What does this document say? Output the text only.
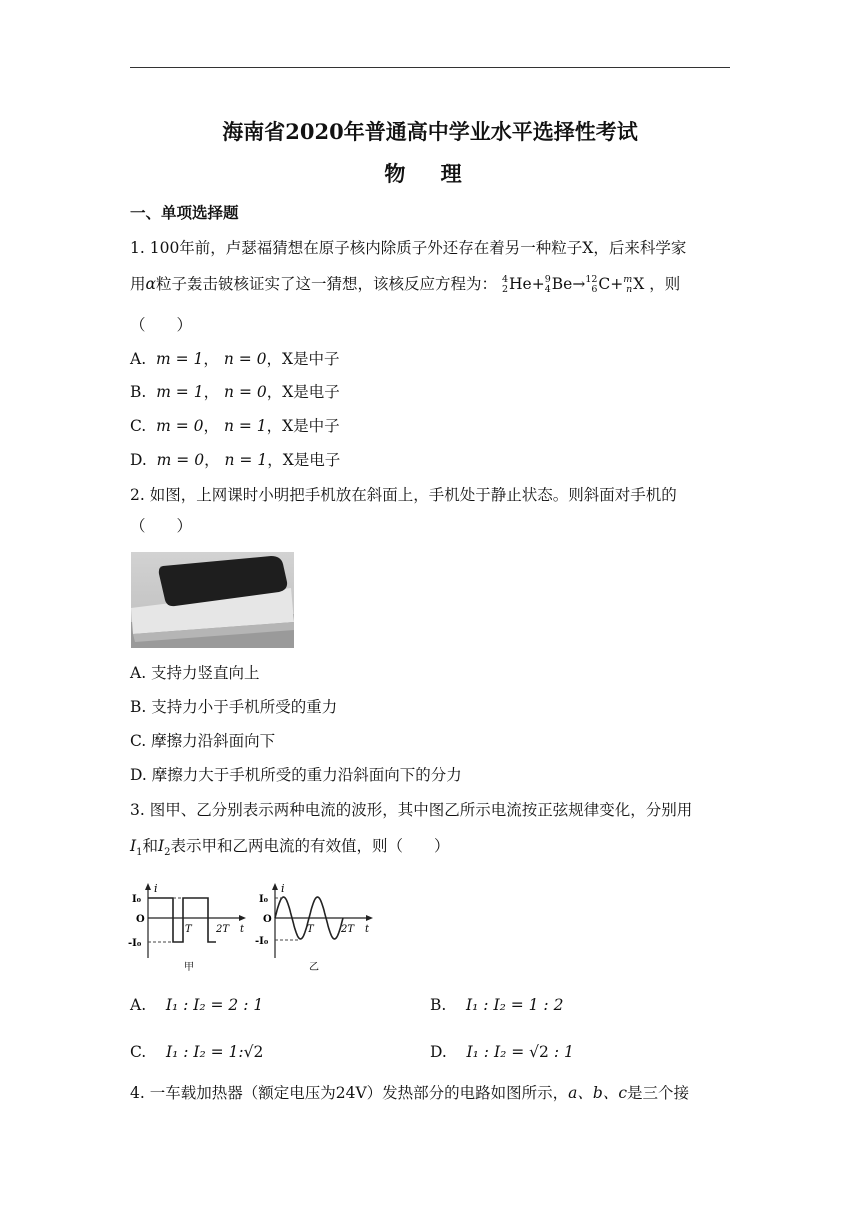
海南省2020年普通高中学业水平选择性考试
物 理
一、单项选择题
1. 100年前，卢瑟福猜想在原子核内除质子外还存在着另一种粒子X，后来科学家
用α粒子轰击铍核证实了这一猜想，该核反应方程为： 4
2 He+ 9
4 Be→ 12
6 C+ m
n X ，则
（　　）
A. m = 1， n = 0，X是中子
B. m = 1， n = 0，X是电子
C. m = 0， n = 1，X是中子
D. m = 0， n = 1，X是电子
2. 如图，上网课时小明把手机放在斜面上，手机处于静止状态。则斜面对手机的
（　　）
A. 支持力竖直向上
B. 支持力小于手机所受的重力
C. 摩擦力沿斜面向下
D. 摩擦力大于手机所受的重力沿斜面向下的分力
3. 图甲、乙分别表示两种电流的波形，其中图乙所示电流按正弦规律变化，分别用
$I_1$和$I_2$表示甲和乙两电流的有效值，则（　　）
i
I₀
O
-I₀
T 2T t
甲
i
I₀
O
-I₀
T	2T t
乙
A. I₁ : I₂ = 2 : 1	B. I₁ : I₂ = 1 : 2
C. I₁ : I₂ = 1:√2	D. I₁ : I₂ = √2 : 1
4. 一车载加热器（额定电压为24V）发热部分的电路如图所示，a、b、c是三个接
